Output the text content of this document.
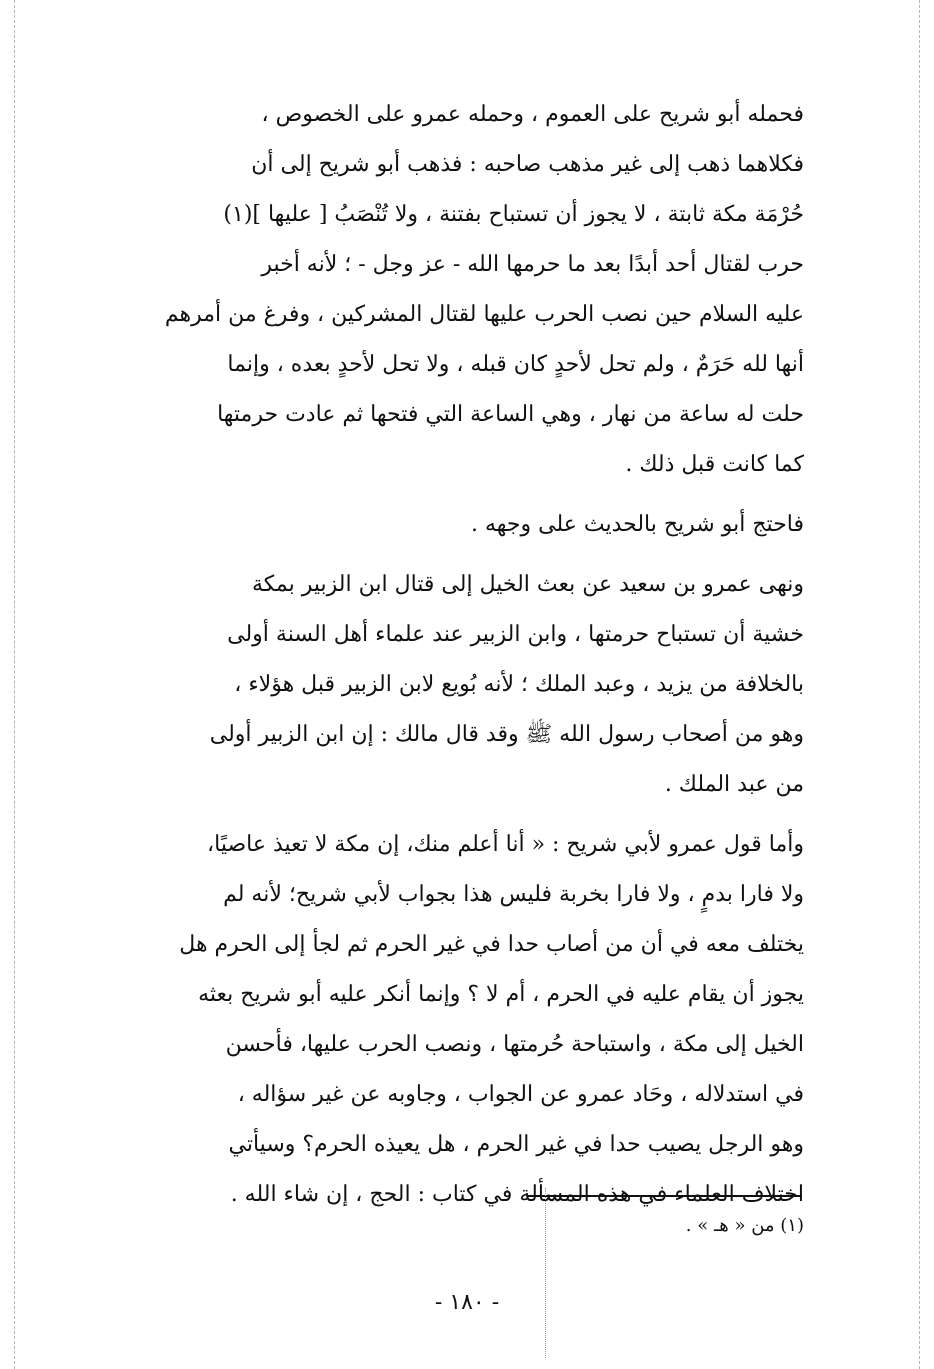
فحمله أبو شريح على العموم ، وحمله عمرو على الخصوص ،
فكلاهما ذهب إلى غير مذهب صاحبه : فذهب أبو شريح إلى أن
حُرْمَة مكة ثابتة ، لا يجوز أن تستباح بفتنة ، ولا تُنْصَبُ [ عليها ](١)
حرب لقتال أحد أبدًا بعد ما حرمها الله - عز وجل - ؛ لأنه أخبر
عليه السلام حين نصب الحرب عليها لقتال المشركين ، وفرغ من أمرهم
أنها لله حَرَمٌ ، ولم تحل لأحدٍ كان قبله ، ولا تحل لأحدٍ بعده ، وإنما
حلت له ساعة من نهار ، وهي الساعة التي فتحها ثم عادت حرمتها
كما كانت قبل ذلك .

فاحتج أبو شريح بالحديث على وجهه .

ونهى عمرو بن سعيد عن بعث الخيل إلى قتال ابن الزبير بمكة
خشية أن تستباح حرمتها ، وابن الزبير عند علماء أهل السنة أولى
بالخلافة من يزيد ، وعبد الملك ؛ لأنه بُويع لابن الزبير قبل هؤلاء ،
وهو من أصحاب رسول الله ﷺ وقد قال مالك : إن ابن الزبير أولى
من عبد الملك .

وأما قول عمرو لأبي شريح : « أنا أعلم منك، إن مكة لا تعيذ عاصيًا،
ولا فارا بدمٍ ، ولا فارا بخربة فليس هذا بجواب لأبي شريح؛ لأنه لم
يختلف معه في أن من أصاب حدا في غير الحرم ثم لجأ إلى الحرم هل
يجوز أن يقام عليه في الحرم ، أم لا ؟ وإنما أنكر عليه أبو شريح بعثه
الخيل إلى مكة ، واستباحة حُرمتها ، ونصب الحرب عليها، فأحسن
في استدلاله ، وحَاد عمرو عن الجواب ، وجاوبه عن غير سؤاله ،
وهو الرجل يصيب حدا في غير الحرم ، هل يعيذه الحرم؟ وسيأتي
اختلاف العلماء في هذه المسألة في كتاب : الحج ، إن شاء الله .

(١) من « هـ » .
- ١٨٠ -
